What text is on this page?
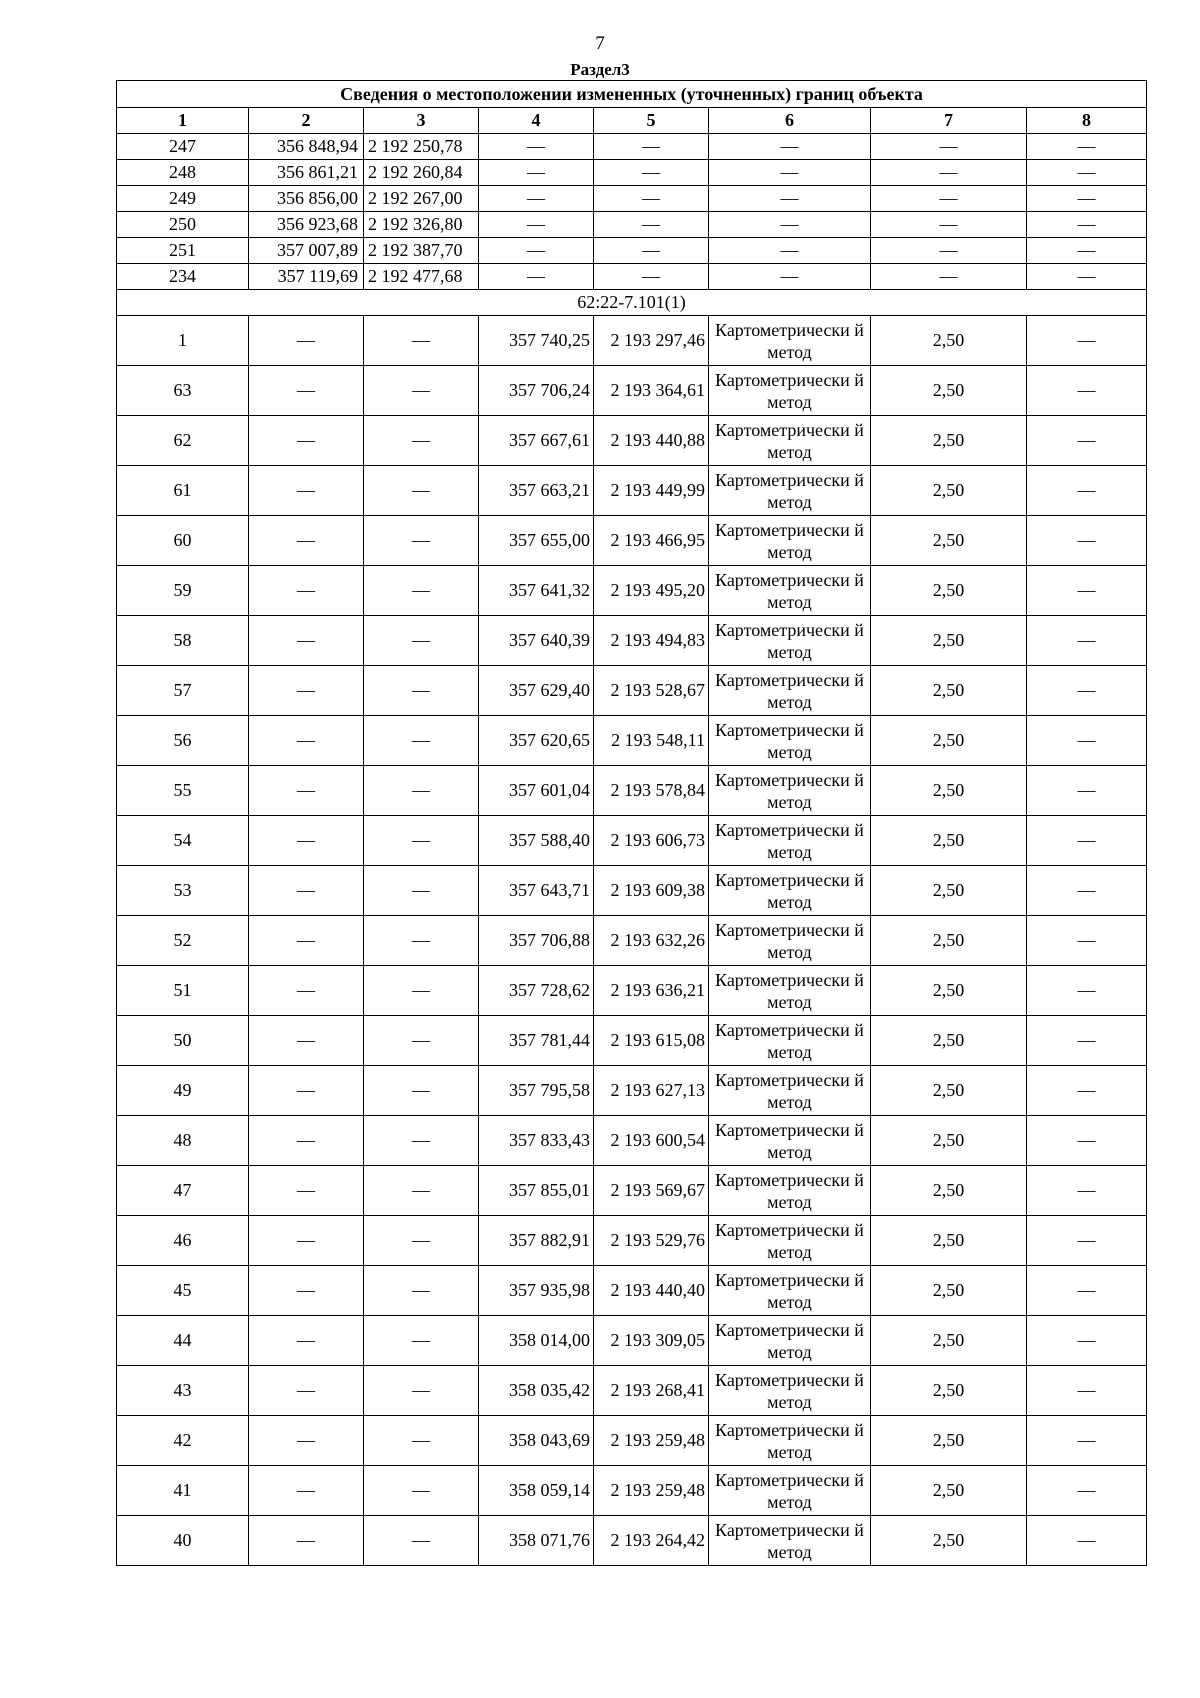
7
Раздел3
Сведения о местоположении измененных (уточненных) границ объекта							
1	2	3	4	5	6	7	8
247	356 848,94	2 192 250,78	—	—	—	—	—
248	356 861,21	2 192 260,84	—	—	—	—	—
249	356 856,00	2 192 267,00	—	—	—	—	—
250	356 923,68	2 192 326,80	—	—	—	—	—
251	357 007,89	2 192 387,70	—	—	—	—	—
234	357 119,69	2 192 477,68	—	—	—	—	—
62:22-7.101(1)							
1	—	—	357 740,25	2 193 297,46	Картометрически й метод	2,50	—
63	—	—	357 706,24	2 193 364,61	Картометрически й метод	2,50	—
62	—	—	357 667,61	2 193 440,88	Картометрически й метод	2,50	—
61	—	—	357 663,21	2 193 449,99	Картометрически й метод	2,50	—
60	—	—	357 655,00	2 193 466,95	Картометрически й метод	2,50	—
59	—	—	357 641,32	2 193 495,20	Картометрически й метод	2,50	—
58	—	—	357 640,39	2 193 494,83	Картометрически й метод	2,50	—
57	—	—	357 629,40	2 193 528,67	Картометрически й метод	2,50	—
56	—	—	357 620,65	2 193 548,11	Картометрически й метод	2,50	—
55	—	—	357 601,04	2 193 578,84	Картометрически й метод	2,50	—
54	—	—	357 588,40	2 193 606,73	Картометрически й метод	2,50	—
53	—	—	357 643,71	2 193 609,38	Картометрически й метод	2,50	—
52	—	—	357 706,88	2 193 632,26	Картометрически й метод	2,50	—
51	—	—	357 728,62	2 193 636,21	Картометрически й метод	2,50	—
50	—	—	357 781,44	2 193 615,08	Картометрически й метод	2,50	—
49	—	—	357 795,58	2 193 627,13	Картометрически й метод	2,50	—
48	—	—	357 833,43	2 193 600,54	Картометрически й метод	2,50	—
47	—	—	357 855,01	2 193 569,67	Картометрически й метод	2,50	—
46	—	—	357 882,91	2 193 529,76	Картометрически й метод	2,50	—
45	—	—	357 935,98	2 193 440,40	Картометрически й метод	2,50	—
44	—	—	358 014,00	2 193 309,05	Картометрически й метод	2,50	—
43	—	—	358 035,42	2 193 268,41	Картометрически й метод	2,50	—
42	—	—	358 043,69	2 193 259,48	Картометрически й метод	2,50	—
41	—	—	358 059,14	2 193 259,48	Картометрически й метод	2,50	—
40	—	—	358 071,76	2 193 264,42	Картометрически й метод	2,50	—
